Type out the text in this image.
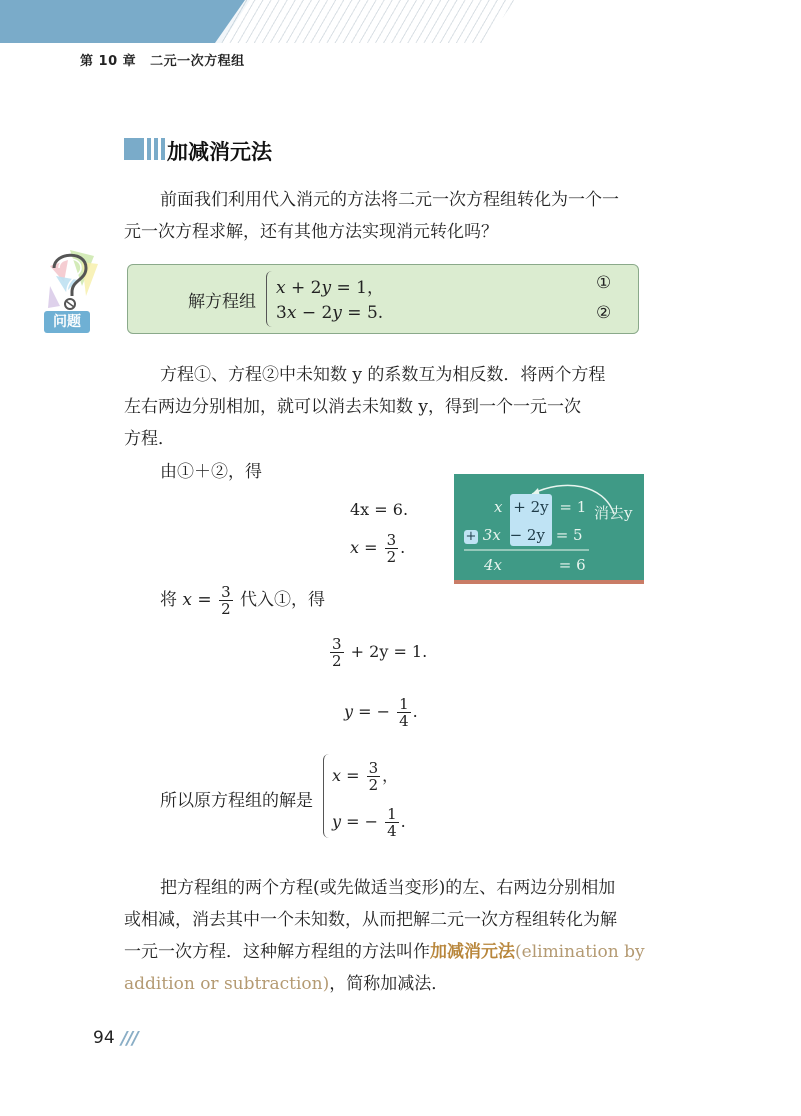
第 10 章 二元一次方程组
加减消元法

前面我们利用代入消元的方法将二元一次方程组转化为一个一

元一次方程求解，还有其他方法实现消元转化吗？

问题
解方程组
x + 2y = 1，
3x − 2y = 5.
①
②

方程①、方程②中未知数 y 的系数互为相反数．将两个方程

左右两边分别相加，就可以消去未知数 y，得到一个一元一次

方程．

由①＋②，得

4x = 6.
$x = \frac{3}{2}$ .
x + 2y = 1
+ 3x − 2y = 5
4x	= 6
消去y
将 $x = \frac{3}{2}$ 代入①，得
$\frac{3}{2} + 2y = 1$.
y = − $\frac{1}{4}$ .
所以原方程组的解是
$x = \frac{3}{2}$ ，
y = − $\frac{1}{4}$ .

把方程组的两个方程(或先做适当变形)的左、右两边分别相加

或相减，消去其中一个未知数，从而把解二元一次方程组转化为解

一元一次方程．这种解方程组的方法叫作加减消元法(elimination by

addition or subtraction)，简称加减法．

94 ///
